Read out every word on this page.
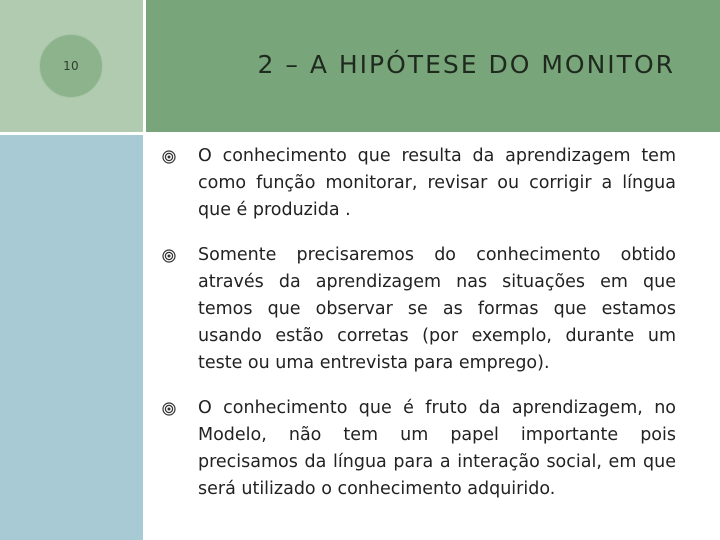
10	2 – A HIPÓTESE DO MONITOR

O conhecimento que resulta da aprendizagem tem como função monitorar, revisar ou corrigir a língua que é produzida .

Somente precisaremos do conhecimento obtido através da aprendizagem nas situações em que temos que observar se as formas que estamos usando estão corretas (por exemplo, durante um teste ou uma entrevista para emprego).

O conhecimento que é fruto da aprendizagem, no Modelo, não tem um papel importante pois precisamos da língua para a interação social, em que será utilizado o conhecimento adquirido.
